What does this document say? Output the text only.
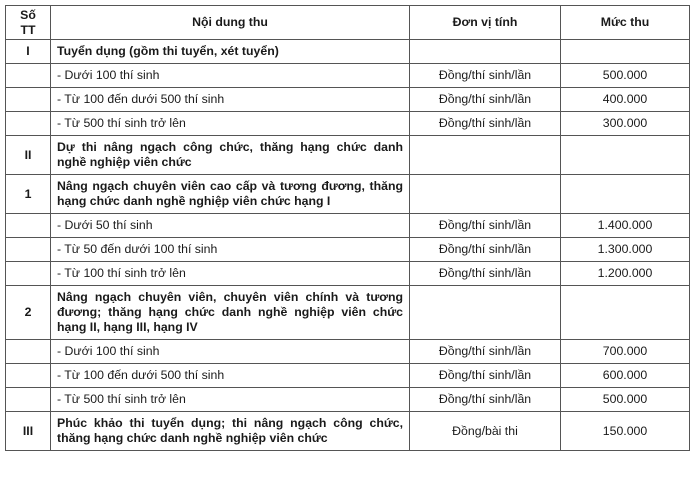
Số TT	Nội dung thu	Đơn vị tính	Mức thu
I	Tuyển dụng (gồm thi tuyển, xét tuyển)		
	- Dưới 100 thí sinh	Đồng/thí sinh/lần	500.000
	- Từ 100 đến dưới 500 thí sinh	Đồng/thí sinh/lần	400.000
	- Từ 500 thí sinh trở lên	Đồng/thí sinh/lần	300.000
II	Dự thi nâng ngạch công chức, thăng hạng chức danh nghề nghiệp viên chức		
1	Nâng ngạch chuyên viên cao cấp và tương đương, thăng hạng chức danh nghề nghiệp viên chức hạng I		
	- Dưới 50 thí sinh	Đồng/thí sinh/lần	1.400.000
	- Từ 50 đến dưới 100 thí sinh	Đồng/thí sinh/lần	1.300.000
	- Từ 100 thí sinh trở lên	Đồng/thí sinh/lần	1.200.000
2	Nâng ngạch chuyên viên, chuyên viên chính và tương đương; thăng hạng chức danh nghề nghiệp viên chức hạng II, hạng III, hạng IV		
	- Dưới 100 thí sinh	Đồng/thí sinh/lần	700.000
	- Từ 100 đến dưới 500 thí sinh	Đồng/thí sinh/lần	600.000
	- Từ 500 thí sinh trở lên	Đồng/thí sinh/lần	500.000
III	Phúc khảo thi tuyển dụng; thi nâng ngạch công chức, thăng hạng chức danh nghề nghiệp viên chức	Đồng/bài thi	150.000
